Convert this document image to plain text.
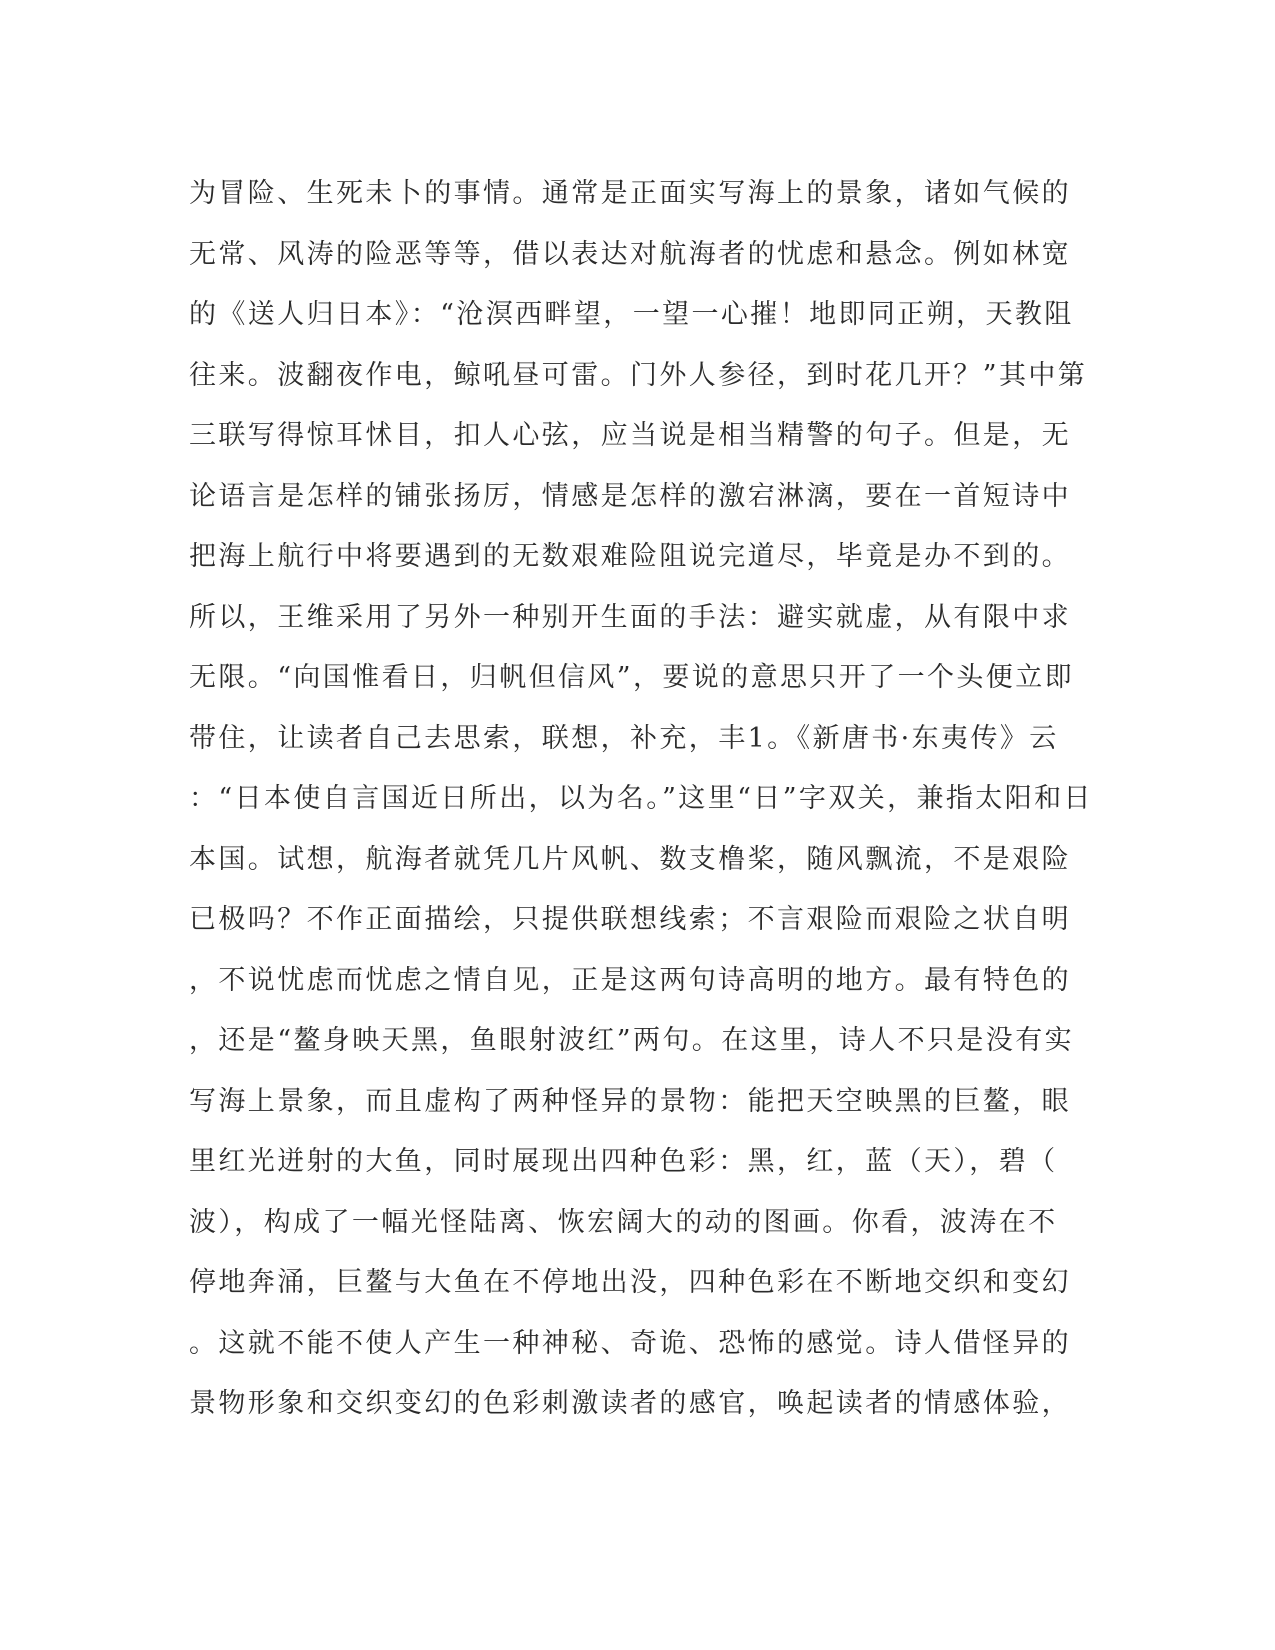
为冒险、生死未卜的事情。通常是正面实写海上的景象，诸如气候的
无常、风涛的险恶等等，借以表达对航海者的忧虑和悬念。例如林宽
的《送人归日本》：“沧溟西畔望，一望一心摧！地即同正朔，天教阻
往来。波翻夜作电，鲸吼昼可雷。门外人参径，到时花几开？”其中第
三联写得惊耳怵目，扣人心弦，应当说是相当精警的句子。但是，无
论语言是怎样的铺张扬厉，情感是怎样的激宕淋漓，要在一首短诗中
把海上航行中将要遇到的无数艰难险阻说完道尽，毕竟是办不到的。
所以，王维采用了另外一种别开生面的手法：避实就虚，从有限中求
无限。“向国惟看日，归帆但信风”，要说的意思只开了一个头便立即
带住，让读者自己去思索，联想，补充，丰1。《新唐书·东夷传》云
：“日本使自言国近日所出，以为名。”这里“日”字双关，兼指太阳和日
本国。试想，航海者就凭几片风帆、数支橹桨，随风飘流，不是艰险
已极吗？不作正面描绘，只提供联想线索；不言艰险而艰险之状自明
，不说忧虑而忧虑之情自见，正是这两句诗高明的地方。最有特色的
，还是“鳌身映天黑，鱼眼射波红”两句。在这里，诗人不只是没有实
写海上景象，而且虚构了两种怪异的景物：能把天空映黑的巨鳌，眼
里红光迸射的大鱼，同时展现出四种色彩：黑，红，蓝（天），碧（
波），构成了一幅光怪陆离、恢宏阔大的动的图画。你看，波涛在不
停地奔涌，巨鳌与大鱼在不停地出没，四种色彩在不断地交织和变幻
。这就不能不使人产生一种神秘、奇诡、恐怖的感觉。诗人借怪异的
景物形象和交织变幻的色彩刺激读者的感官，唤起读者的情感体验，
